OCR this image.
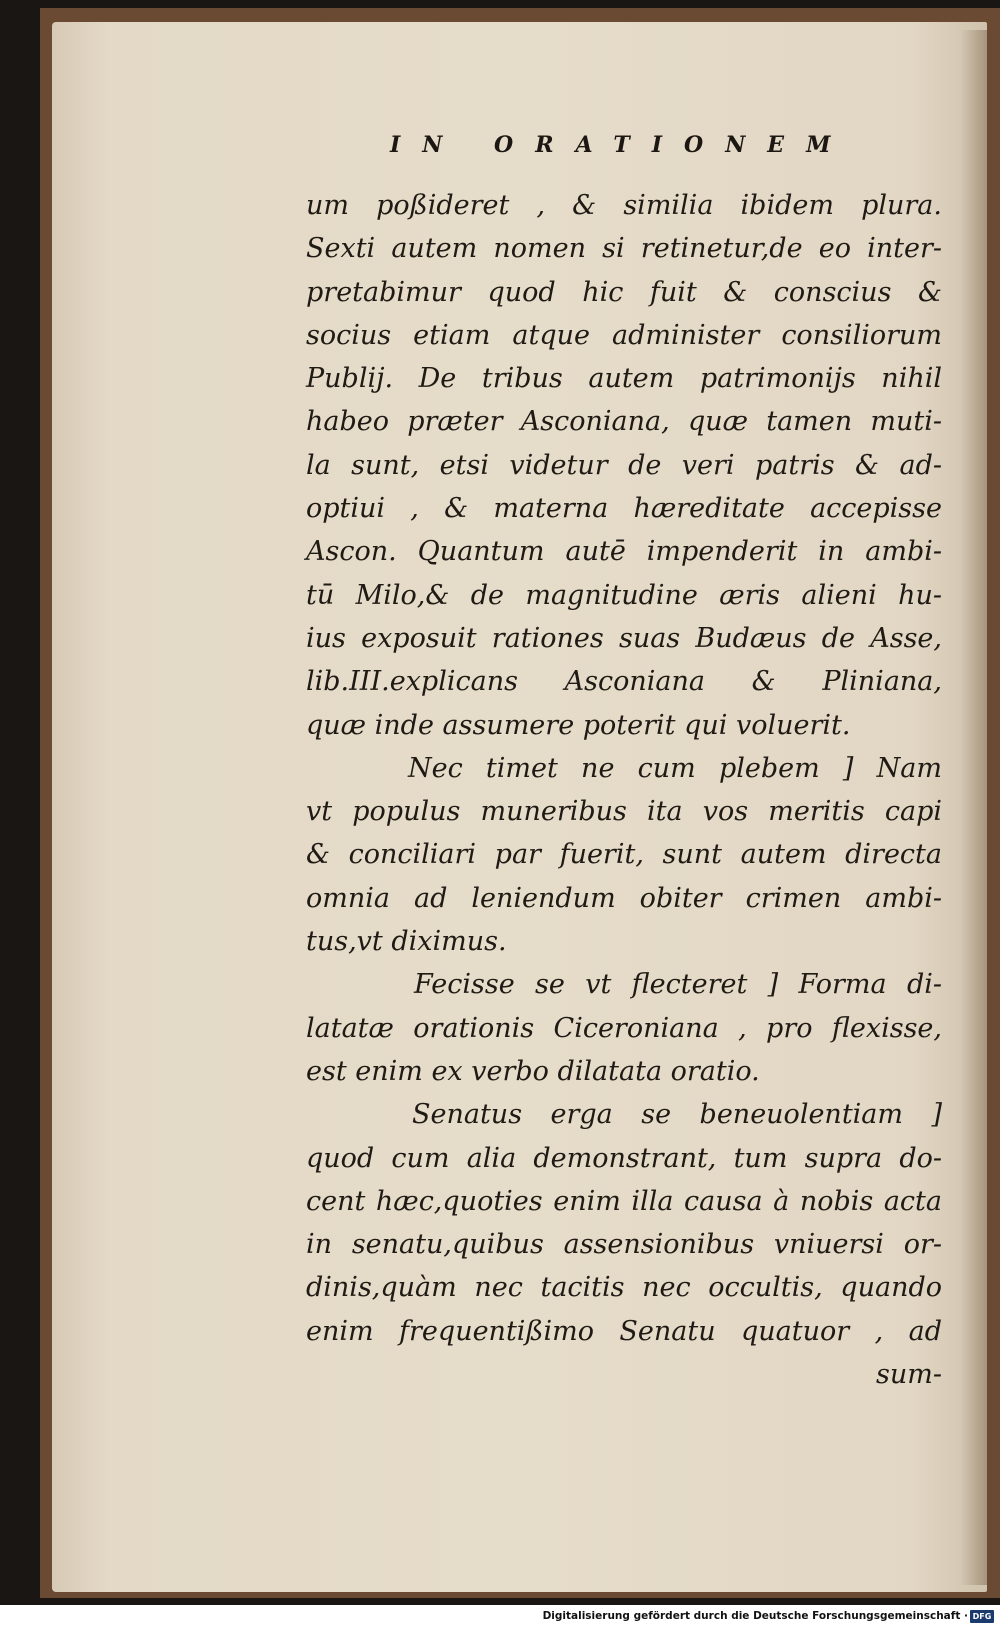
IN ORATIONEM
um poßideret , & similia ibidem plura.
Sexti autem nomen si retinetur,de eo inter-
pretabimur quod hic fuit & conscius &
socius etiam atque administer consiliorum
Publij. De tribus autem patrimonijs nihil
habeo præter Asconiana, quæ tamen muti-
la sunt, etsi videtur de veri patris & ad-
optiui , & materna hæreditate accepisse
Ascon. Quantum autē impenderit in ambi-
tū Milo,& de magnitudine æris alieni hu-
ius exposuit rationes suas Budæus de Asse,
lib.III.explicans Asconiana & Pliniana,
quæ inde assumere poterit qui voluerit.
Nec timet ne cum plebem ] Nam
vt populus muneribus ita vos meritis capi
& conciliari par fuerit, sunt autem directa
omnia ad leniendum obiter crimen ambi-
tus,vt diximus.
Fecisse se vt flecteret ] Forma di-
latatæ orationis Ciceroniana , pro flexisse,
est enim ex verbo dilatata oratio.
Senatus erga se beneuolentiam ]
quod cum alia demonstrant, tum supra do-
cent hæc,quoties enim illa causa à nobis acta
in senatu,quibus assensionibus vniuersi or-
dinis,quàm nec tacitis nec occultis, quando
enim frequentißimo Senatu quatuor , ad
sum-
Digitalisierung gefördert durch die Deutsche Forschungsgemeinschaft · DFG
